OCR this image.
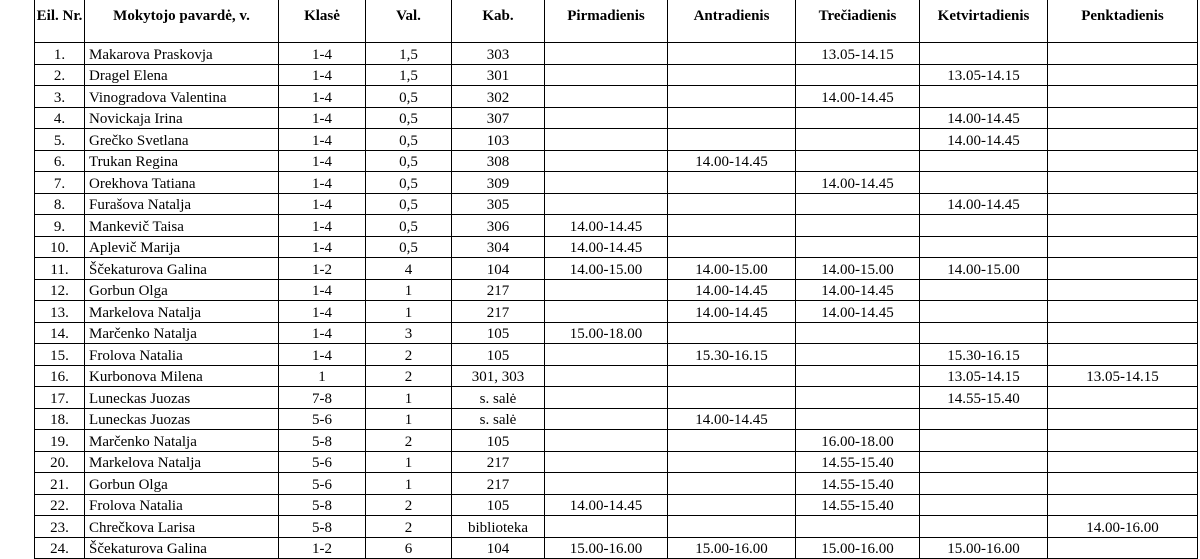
Eil. Nr.	Mokytojo pavardė, v.	Klasė	Val.	Kab.	Pirmadienis	Antradienis	Trečiadienis	Ketvirtadienis	Penktadienis
1.	Makarova Praskovja	1-4	1,5	303			13.05-14.15		
2.	Dragel Elena	1-4	1,5	301				13.05-14.15	
3.	Vinogradova Valentina	1-4	0,5	302			14.00-14.45		
4.	Novickaja Irina	1-4	0,5	307				14.00-14.45	
5.	Grečko Svetlana	1-4	0,5	103				14.00-14.45	
6.	Trukan Regina	1-4	0,5	308		14.00-14.45			
7.	Orekhova Tatiana	1-4	0,5	309			14.00-14.45		
8.	Furašova Natalja	1-4	0,5	305				14.00-14.45	
9.	Mankevič Taisa	1-4	0,5	306	14.00-14.45				
10.	Aplevič Marija	1-4	0,5	304	14.00-14.45				
11.	Ščekaturova Galina	1-2	4	104	14.00-15.00	14.00-15.00	14.00-15.00	14.00-15.00	
12.	Gorbun Olga	1-4	1	217		14.00-14.45	14.00-14.45		
13.	Markelova Natalja	1-4	1	217		14.00-14.45	14.00-14.45		
14.	Marčenko Natalja	1-4	3	105	15.00-18.00				
15.	Frolova Natalia	1-4	2	105		15.30-16.15		15.30-16.15	
16.	Kurbonova Milena	1	2	301, 303				13.05-14.15	13.05-14.15
17.	Luneckas Juozas	7-8	1	s. salė				14.55-15.40	
18.	Luneckas Juozas	5-6	1	s. salė		14.00-14.45			
19.	Marčenko Natalja	5-8	2	105			16.00-18.00		
20.	Markelova Natalja	5-6	1	217			14.55-15.40		
21.	Gorbun Olga	5-6	1	217			14.55-15.40		
22.	Frolova Natalia	5-8	2	105	14.00-14.45		14.55-15.40		
23.	Chrečkova Larisa	5-8	2	biblioteka					14.00-16.00
24.	Ščekaturova Galina	1-2	6	104	15.00-16.00	15.00-16.00	15.00-16.00	15.00-16.00	
